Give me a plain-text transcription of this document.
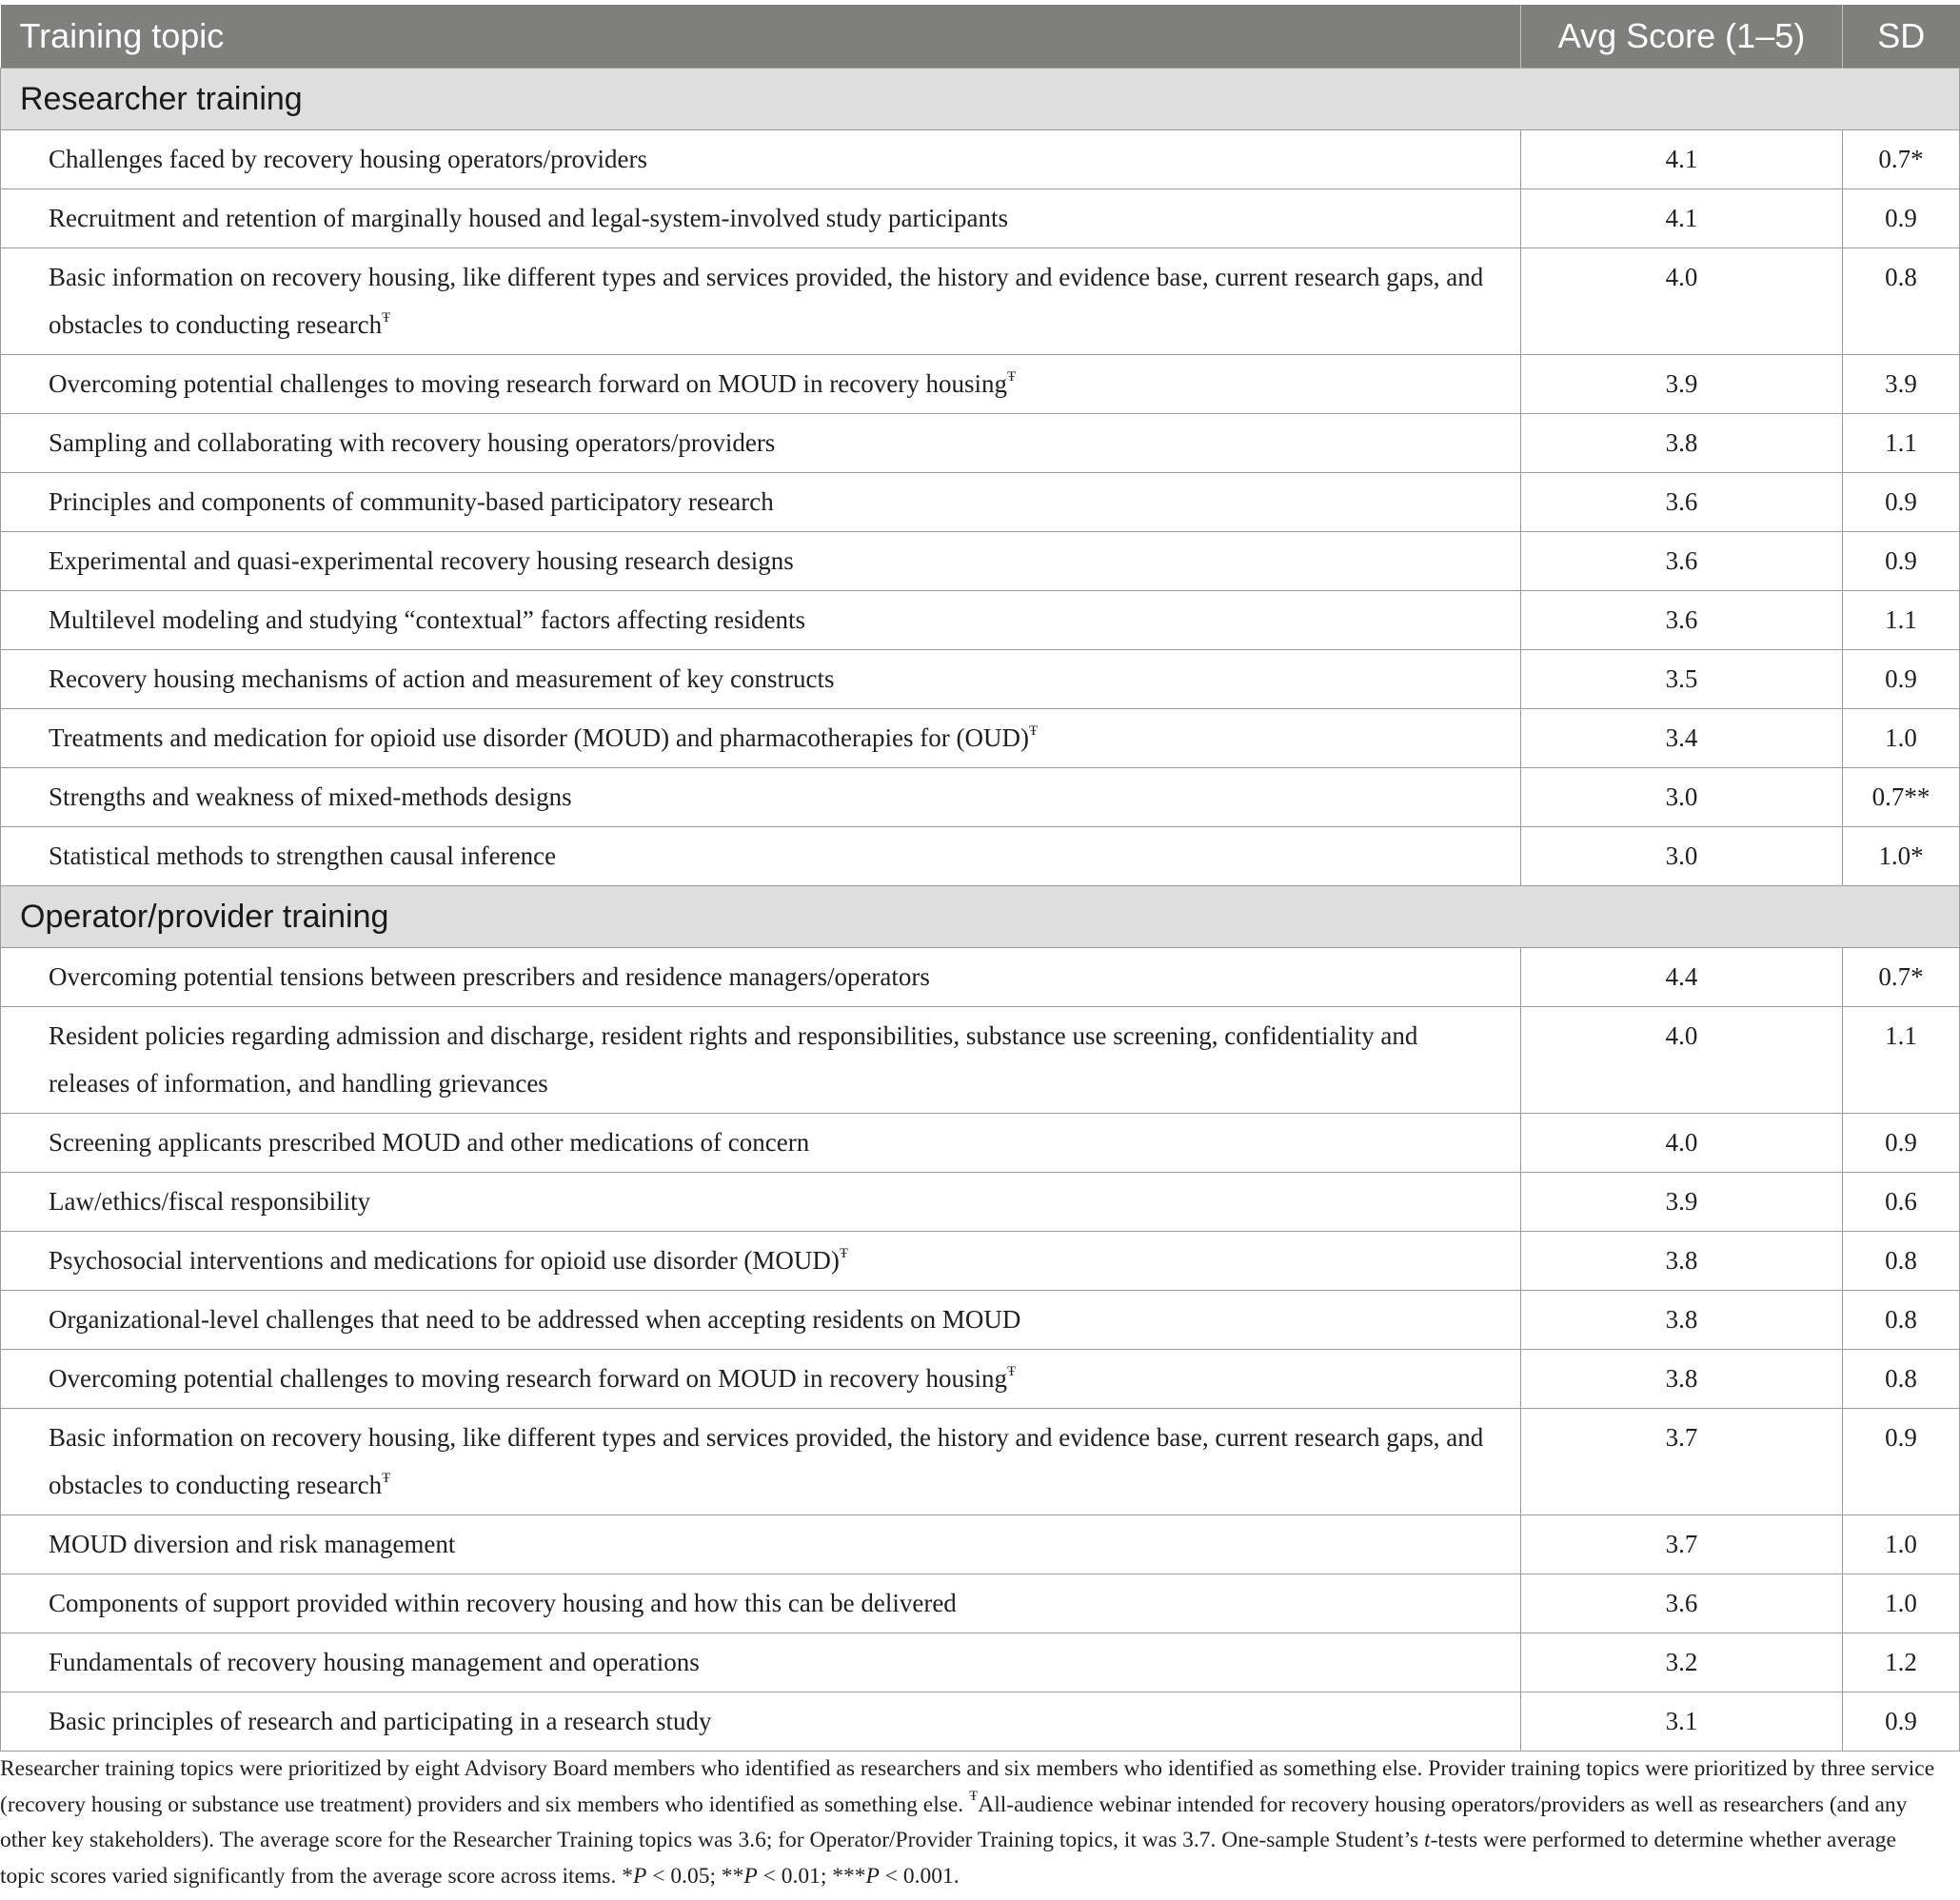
Training topic	Avg Score (1–5)	SD
Researcher training		
Challenges faced by recovery housing operators/providers	4.1	0.7*
Recruitment and retention of marginally housed and legal-system-involved study participants	4.1	0.9
Basic information on recovery housing, like different types and services provided, the history and evidence base, current research gaps, and obstacles to conducting research$^Ŧ$	4.0	0.8
Overcoming potential challenges to moving research forward on MOUD in recovery housing$^Ŧ$	3.9	3.9
Sampling and collaborating with recovery housing operators/providers	3.8	1.1
Principles and components of community-based participatory research	3.6	0.9
Experimental and quasi-experimental recovery housing research designs	3.6	0.9
Multilevel modeling and studying “contextual” factors affecting residents	3.6	1.1
Recovery housing mechanisms of action and measurement of key constructs	3.5	0.9
Treatments and medication for opioid use disorder (MOUD) and pharmacotherapies for (OUD)$^Ŧ$	3.4	1.0
Strengths and weakness of mixed-methods designs	3.0	0.7**
Statistical methods to strengthen causal inference	3.0	1.0*
Operator/provider training		
Overcoming potential tensions between prescribers and residence managers/operators	4.4	0.7*
Resident policies regarding admission and discharge, resident rights and responsibilities, substance use screening, confidentiality and releases of information, and handling grievances	4.0	1.1
Screening applicants prescribed MOUD and other medications of concern	4.0	0.9
Law/ethics/fiscal responsibility	3.9	0.6
Psychosocial interventions and medications for opioid use disorder (MOUD)$^Ŧ$	3.8	0.8
Organizational-level challenges that need to be addressed when accepting residents on MOUD	3.8	0.8
Overcoming potential challenges to moving research forward on MOUD in recovery housing$^Ŧ$	3.8	0.8
Basic information on recovery housing, like different types and services provided, the history and evidence base, current research gaps, and obstacles to conducting research$^Ŧ$	3.7	0.9
MOUD diversion and risk management	3.7	1.0
Components of support provided within recovery housing and how this can be delivered	3.6	1.0
Fundamentals of recovery housing management and operations	3.2	1.2
Basic principles of research and participating in a research study	3.1	0.9
Researcher training topics were prioritized by eight Advisory Board members who identified as researchers and six members who identified as something else. Provider training topics were prioritized by three service (recovery housing or substance use treatment) providers and six members who identified as something else. $^Ŧ$All-audience webinar intended for recovery housing operators/providers as well as researchers (and any other key stakeholders). The average score for the Researcher Training topics was 3.6; for Operator/Provider Training topics, it was 3.7. One-sample Student’s t-tests were performed to determine whether average topic scores varied significantly from the average score across items. *P < 0.05; **P < 0.01; ***P < 0.001.
